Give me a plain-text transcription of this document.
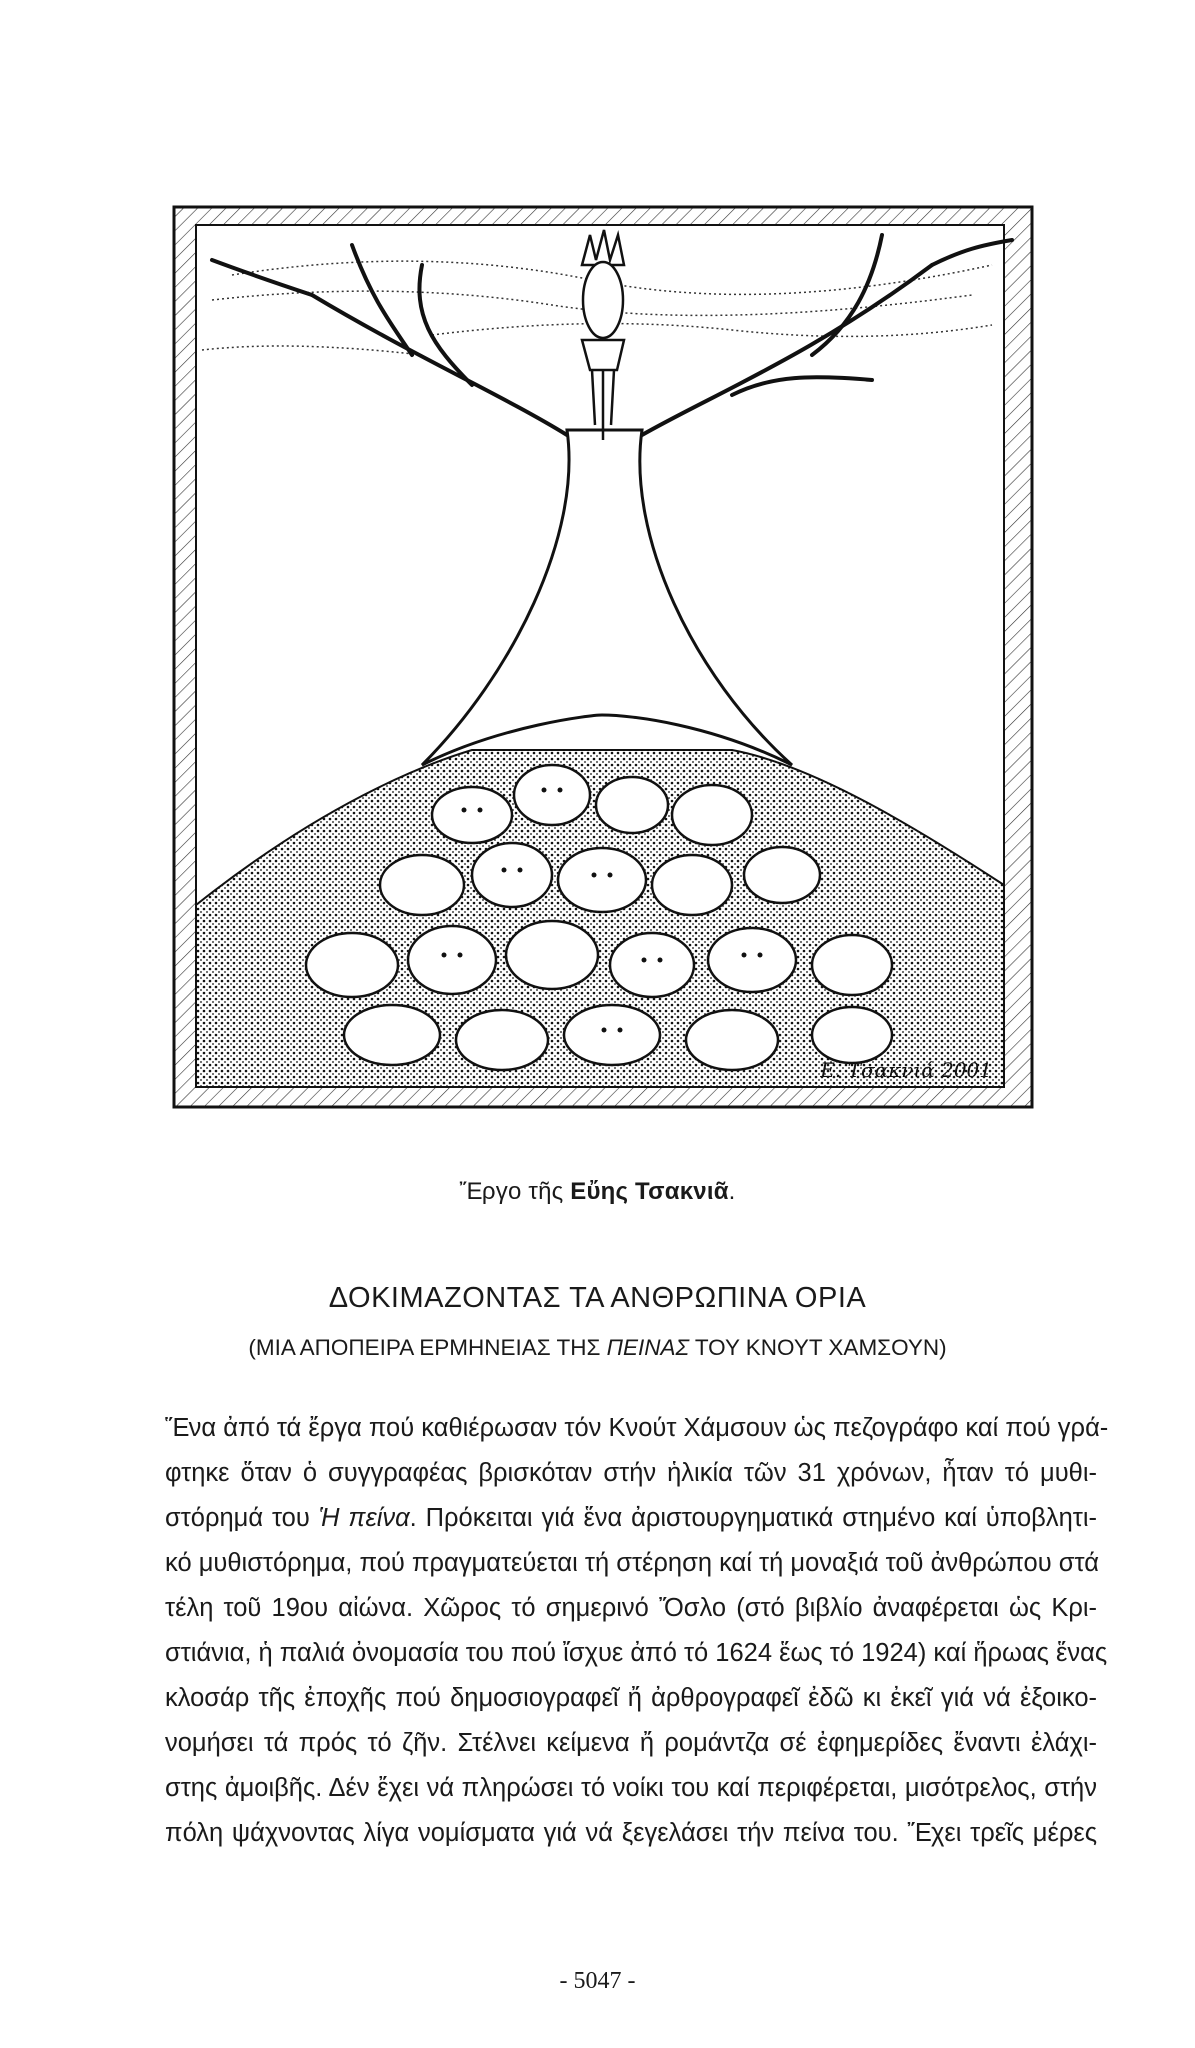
Ε. Τσακνιά 2001
Ἔργο τῆς Εὔης Τσακνιᾶ.
ΔΟΚΙΜΑΖΟΝΤΑΣ ΤΑ ΑΝΘΡΩΠΙΝΑ ΟΡΙΑ
(ΜΙΑ ΑΠΟΠΕΙΡΑ ΕΡΜΗΝΕΙΑΣ ΤΗΣ ΠΕΙΝΑΣ ΤΟΥ ΚΝΟΥΤ ΧΑΜΣΟΥΝ)
Ἕνα ἀπό τά ἔργα πού καθιέρωσαν τόν Κνούτ Χάμσουν ὡς πεζογράφο καί πού γρά-
φτηκε ὅταν ὁ συγγραφέας βρισκόταν στήν ἡλικία τῶν 31 χρόνων, ἦταν τό μυθι-
στόρημά του Ἡ πείνα. Πρόκειται γιά ἕνα ἀριστουργηματικά στημένο καί ὑποβλητι-
κό μυθιστόρημα, πού πραγματεύεται τή στέρηση καί τή μοναξιά τοῦ ἀνθρώπου στά
τέλη τοῦ 19ου αἰώνα. Χῶρος τό σημερινό Ὄσλο (στό βιβλίο ἀναφέρεται ὡς Κρι-
στιάνια, ἡ παλιά ὀνομασία του πού ἴσχυε ἀπό τό 1624 ἕως τό 1924) καί ἥρωας ἕνας
κλοσάρ τῆς ἐποχῆς πού δημοσιογραφεῖ ἤ ἀρθρογραφεῖ ἐδῶ κι ἐκεῖ γιά νά ἐξοικο-
νομήσει τά πρός τό ζῆν. Στέλνει κείμενα ἤ ρομάντζα σέ ἐφημερίδες ἔναντι ἐλάχι-
στης ἀμοιβῆς. Δέν ἔχει νά πληρώσει τό νοίκι του καί περιφέρεται, μισότρελος, στήν
πόλη ψάχνοντας λίγα νομίσματα γιά νά ξεγελάσει τήν πείνα του. Ἔχει τρεῖς μέρες
- 5047 -
